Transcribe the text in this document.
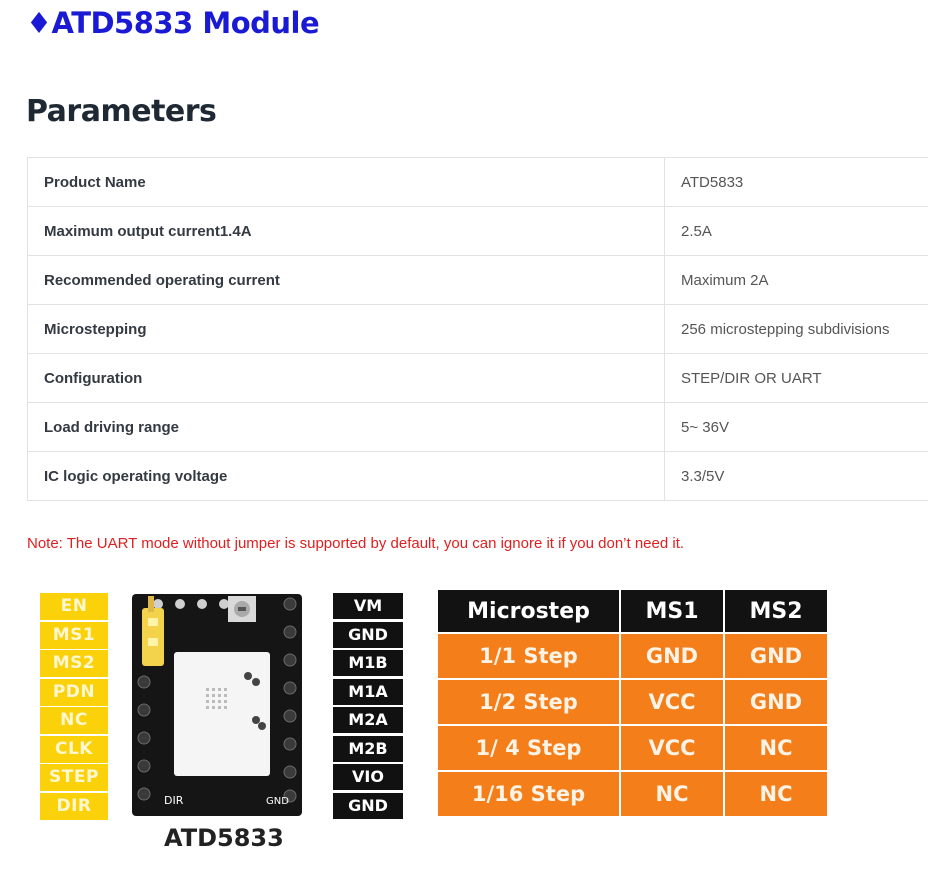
♦ATD5833 Module
Parameters
Product Name	ATD5833
Maximum output current1.4A	2.5A
Recommended operating current	Maximum 2A
Microstepping	256 microstepping subdivisions
Configuration	STEP/DIR OR UART
Load driving range	5~ 36V
IC logic operating voltage	3.3/5V
Note: The UART mode without jumper is supported by default, you can ignore it if you don’t need it.
EN
MS1
MS2
PDN
NC
CLK
STEP
DIR	DIR	GND
ATD5833
VM
GND
M1B
M1A
M2A
M2B
VIO
GND
Microstep	MS1	MS2
1/1 Step	GND	GND
1/2 Step	VCC	GND
1/ 4 Step	VCC	NC
1/16 Step	NC	NC
